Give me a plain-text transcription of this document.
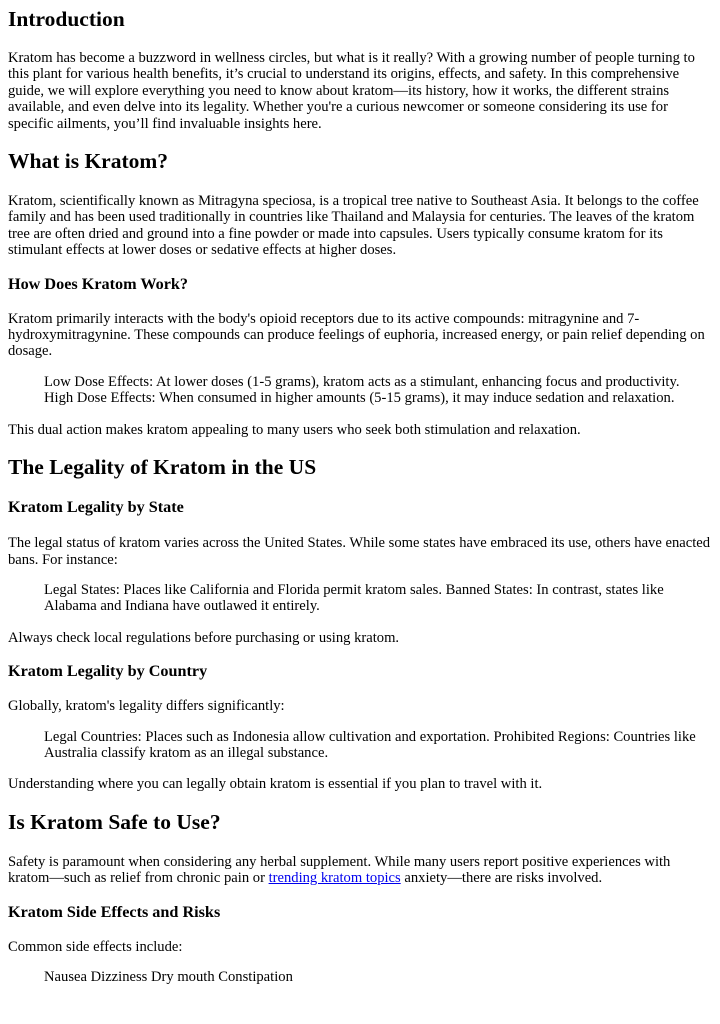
Introduction

Kratom has become a buzzword in wellness circles, but what is it really? With a growing number of people turning to this plant for various health benefits, it’s crucial to understand its origins, effects, and safety. In this comprehensive guide, we will explore everything you need to know about kratom—its history, how it works, the different strains available, and even delve into its legality. Whether you're a curious newcomer or someone considering its use for specific ailments, you’ll find invaluable insights here.

What is Kratom?

Kratom, scientifically known as Mitragyna speciosa, is a tropical tree native to Southeast Asia. It belongs to the coffee family and has been used traditionally in countries like Thailand and Malaysia for centuries. The leaves of the kratom tree are often dried and ground into a fine powder or made into capsules. Users typically consume kratom for its stimulant effects at lower doses or sedative effects at higher doses.

How Does Kratom Work?

Kratom primarily interacts with the body's opioid receptors due to its active compounds: mitragynine and 7-hydroxymitragynine. These compounds can produce feelings of euphoria, increased energy, or pain relief depending on dosage.

Low Dose Effects: At lower doses (1-5 grams), kratom acts as a stimulant, enhancing focus and productivity. High Dose Effects: When consumed in higher amounts (5-15 grams), it may induce sedation and relaxation.

This dual action makes kratom appealing to many users who seek both stimulation and relaxation.

The Legality of Kratom in the US
Kratom Legality by State

The legal status of kratom varies across the United States. While some states have embraced its use, others have enacted bans. For instance:

Legal States: Places like California and Florida permit kratom sales. Banned States: In contrast, states like Alabama and Indiana have outlawed it entirely.

Always check local regulations before purchasing or using kratom.

Kratom Legality by Country

Globally, kratom's legality differs significantly:

Legal Countries: Places such as Indonesia allow cultivation and exportation. Prohibited Regions: Countries like Australia classify kratom as an illegal substance.

Understanding where you can legally obtain kratom is essential if you plan to travel with it.

Is Kratom Safe to Use?

Safety is paramount when considering any herbal supplement. While many users report positive experiences with kratom—such as relief from chronic pain or trending kratom topics anxiety—there are risks involved.

Kratom Side Effects and Risks

Common side effects include:

Nausea Dizziness Dry mouth Constipation
